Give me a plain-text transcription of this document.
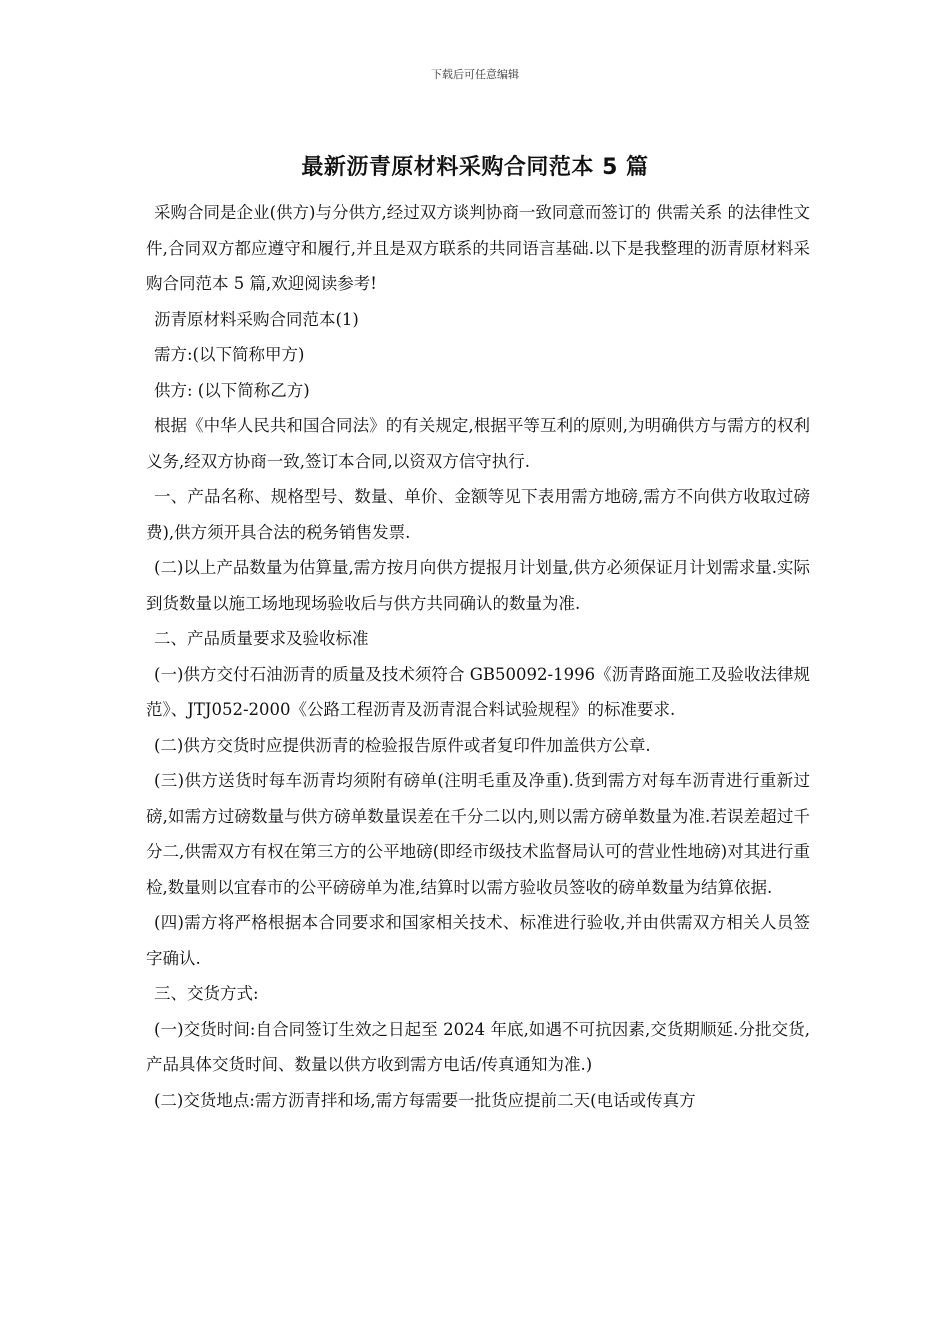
下载后可任意编辑
最新沥青原材料采购合同范本 5 篇

采购合同是企业(供方)与分供方,经过双方谈判协商一致同意而签订的 供需关系 的法律性文件,合同双方都应遵守和履行,并且是双方联系的共同语言基础.以下是我整理的沥青原材料采购合同范本 5 篇,欢迎阅读参考!

沥青原材料采购合同范本(1)

需方:(以下简称甲方)

供方: (以下简称乙方)

根据《中华人民共和国合同法》的有关规定,根据平等互利的原则,为明确供方与需方的权利义务,经双方协商一致,签订本合同,以资双方信守执行.

一、产品名称、规格型号、数量、单价、金额等见下表用需方地磅,需方不向供方收取过磅费),供方须开具合法的税务销售发票.

(二)以上产品数量为估算量,需方按月向供方提报月计划量,供方必须保证月计划需求量.实际到货数量以施工场地现场验收后与供方共同确认的数量为准.

二、产品质量要求及验收标准

(一)供方交付石油沥青的质量及技术须符合 GB50092-1996《沥青路面施工及验收法律规范》、JTJ052-2000《公路工程沥青及沥青混合料试验规程》的标准要求.

(二)供方交货时应提供沥青的检验报告原件或者复印件加盖供方公章.

(三)供方送货时每车沥青均须附有磅单(注明毛重及净重).货到需方对每车沥青进行重新过磅,如需方过磅数量与供方磅单数量误差在千分二以内,则以需方磅单数量为准.若误差超过千分二,供需双方有权在第三方的公平地磅(即经市级技术监督局认可的营业性地磅)对其进行重检,数量则以宜春市的公平磅磅单为准,结算时以需方验收员签收的磅单数量为结算依据.

(四)需方将严格根据本合同要求和国家相关技术、标准进行验收,并由供需双方相关人员签字确认.

三、交货方式:

(一)交货时间:自合同签订生效之日起至 2024 年底,如遇不可抗因素,交货期顺延.分批交货,产品具体交货时间、数量以供方收到需方电话/传真通知为准.)

(二)交货地点:需方沥青拌和场,需方每需要一批货应提前二天(电话或传真方
